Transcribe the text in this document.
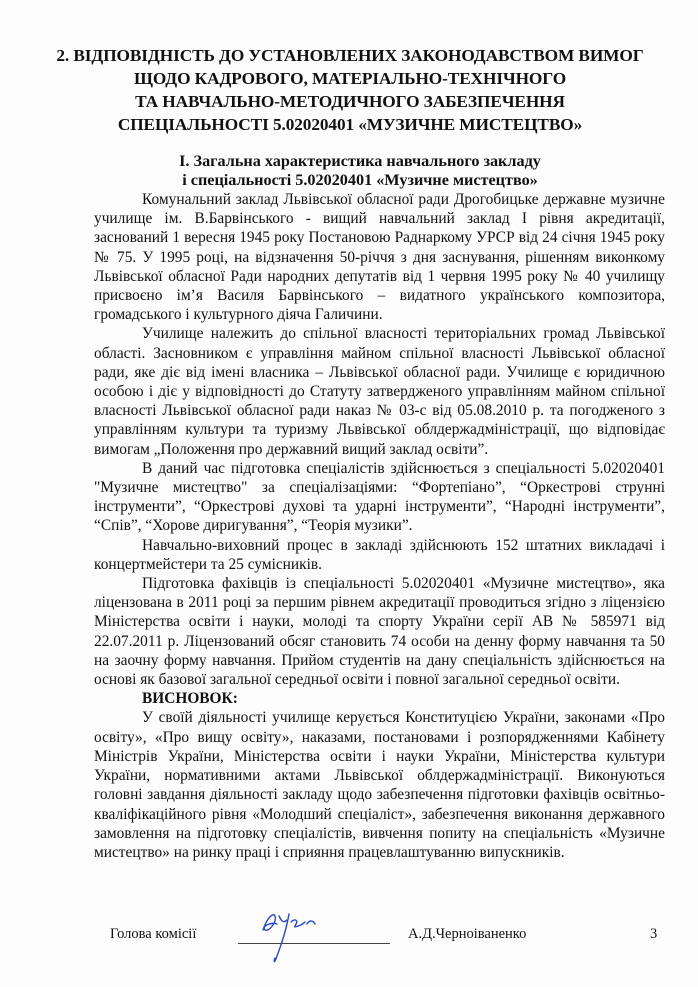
2. ВІДПОВІДНІСТЬ ДО УСТАНОВЛЕНИХ ЗАКОНОДАВСТВОМ ВИМОГ
ЩОДО КАДРОВОГО, МАТЕРІАЛЬНО-ТЕХНІЧНОГО
ТА НАВЧАЛЬНО-МЕТОДИЧНОГО ЗАБЕЗПЕЧЕННЯ
СПЕЦІАЛЬНОСТІ 5.02020401 «МУЗИЧНЕ МИСТЕЦТВО»
І. Загальна характеристика навчального закладу
і спеціальності 5.02020401 «Музичне мистецтво»

Комунальний заклад Львівської обласної ради Дрогобицьке державне музичне училище ім. В.Барвінського - вищий навчальний заклад І рівня акредитації, заснований 1 вересня 1945 року Постановою Раднаркому УРСР від 24 січня 1945 року № 75. У 1995 році, на відзначення 50-річчя з дня заснування, рішенням виконкому Львівської обласної Ради народних депутатів від 1 червня 1995 року № 40 училищу присвоєно ім’я Василя Барвінського – видатного українського композитора, громадського і культурного діяча Галичини.

Училище належить до спільної власності територіальних громад Львівської області. Засновником є управління майном спільної власності Львівської обласної ради, яке діє від імені власника – Львівської обласної ради. Училище є юридичною особою і діє у відповідності до Статуту затвердженого управлінням майном спільної власності Львівської обласної ради наказ № 03-с від 05.08.2010 р. та погодженого з управлінням культури та туризму Львівської облдержадміністрації, що відповідає вимогам „Положення про державний вищий заклад освіти”.

В даний час підготовка спеціалістів здійснюється з спеціальності 5.02020401 "Музичне мистецтво" за спеціалізаціями: “Фортепіано”, “Оркестрові струнні інструменти”, “Оркестрові духові та ударні інструменти”, “Народні інструменти”, “Спів”, “Хорове диригування”, “Теорія музики”.

Навчально-виховний процес в закладі здійснюють 152 штатних викладачі і концертмейстери та 25 сумісників.

Підготовка фахівців із спеціальності 5.02020401 «Музичне мистецтво», яка ліцензована в 2011 році за першим рівнем акредитації проводиться згідно з ліцензією Міністерства освіти і науки, молоді та спорту України серії АВ № 585971 від 22.07.2011 р. Ліцензований обсяг становить 74 особи на денну форму навчання та 50 на заочну форму навчання. Прийом студентів на дану спеціальність здійснюється на основі як базової загальної середньої освіти і повної загальної середньої освіти.

ВИСНОВОК:

У своїй діяльності училище керується Конституцією України, законами «Про освіту», «Про вищу освіту», наказами, постановами і розпорядженнями Кабінету Міністрів України, Міністерства освіти і науки України, Міністерства культури України, нормативними актами Львівської облдержадміністрації. Виконуються головні завдання діяльності закладу щодо забезпечення підготовки фахівців освітньо-кваліфікаційного рівня «Молодший спеціаліст», забезпечення виконання державного замовлення на підготовку спеціалістів, вивчення попиту на спеціальність «Музичне мистецтво» на ринку праці і сприяння працевлаштуванню випускників.

Голова комісії	А.Д.Черноіваненко	3
